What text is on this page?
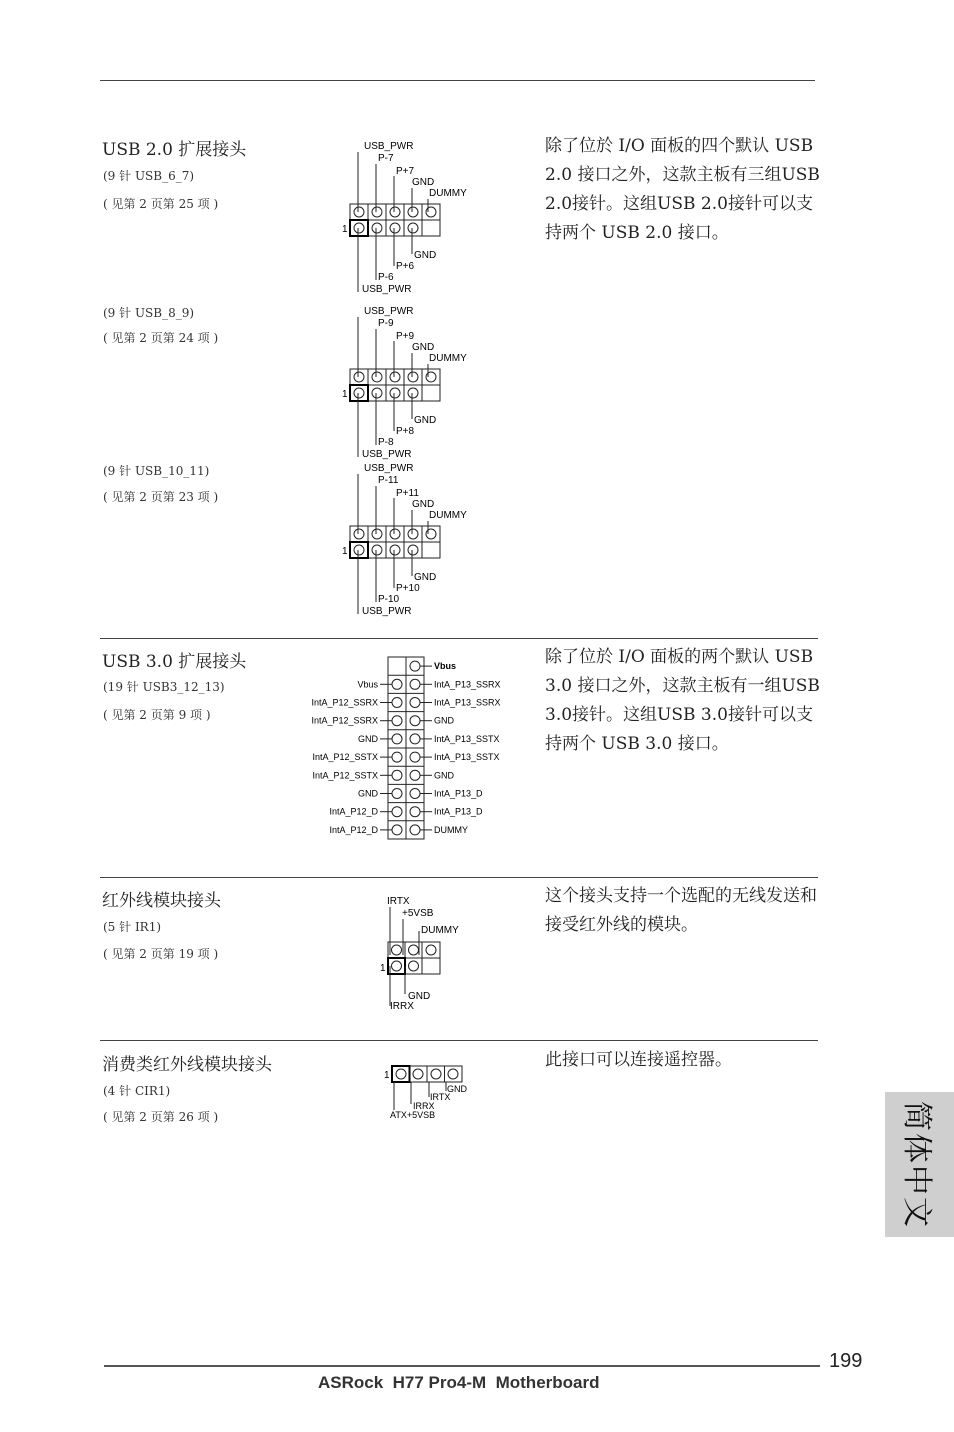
USB 2.0 扩展接头
(9 针 USB_6_7)
( 见第 2 页第 25 项 )
除了位於 I/O 面板的四个默认 USB 2.0 接口之外，这款主板有三组USB 2.0接针。这组USB 2.0接针可以支持两个 USB 2.0 接口。
(9 针 USB_8_9)
( 见第 2 页第 24 项 )
(9 针 USB_10_11)
( 见第 2 页第 23 项 )
USB_PWR
P-7
P+7
GND
DUMMY
1
GND
P+6
P-6
USB_PWR
USB_PWR
P-9
P+9
GND
DUMMY
1
GND
P+8
P-8
USB_PWR
USB_PWR
P-11
P+11
GND
DUMMY
1
GND
P+10
P-10
USB_PWR
USB 3.0 扩展接头
(19 针 USB3_12_13)
( 见第 2 页第 9 项 )
除了位於 I/O 面板的两个默认 USB 3.0 接口之外，这款主板有一组USB 3.0接针。这组USB 3.0接针可以支持两个 USB 3.0 接口。
Vbus
IntA_P13_SSRX
IntA_P13_SSRX
GND
IntA_P13_SSTX
IntA_P13_SSTX
GND
IntA_P13_D
IntA_P13_D
DUMMY
Vbus
IntA_P12_SSRX
IntA_P12_SSRX
GND
IntA_P12_SSTX
IntA_P12_SSTX
GND
IntA_P12_D
IntA_P12_D
红外线模块接头
(5 针 IR1)
( 见第 2 页第 19 项 )
这个接头支持一个选配的无线发送和接受红外线的模块。
IRTX
+5VSB
DUMMY
1
GND
IRRX
消费类红外线模块接头
(4 针 CIR1)
( 见第 2 页第 26 项 )
此接口可以连接遥控器。
1
GND
IRTX
IRRX
ATX+5VSB	简体中文
199
ASRock  H77 Pro4-M  Motherboard
